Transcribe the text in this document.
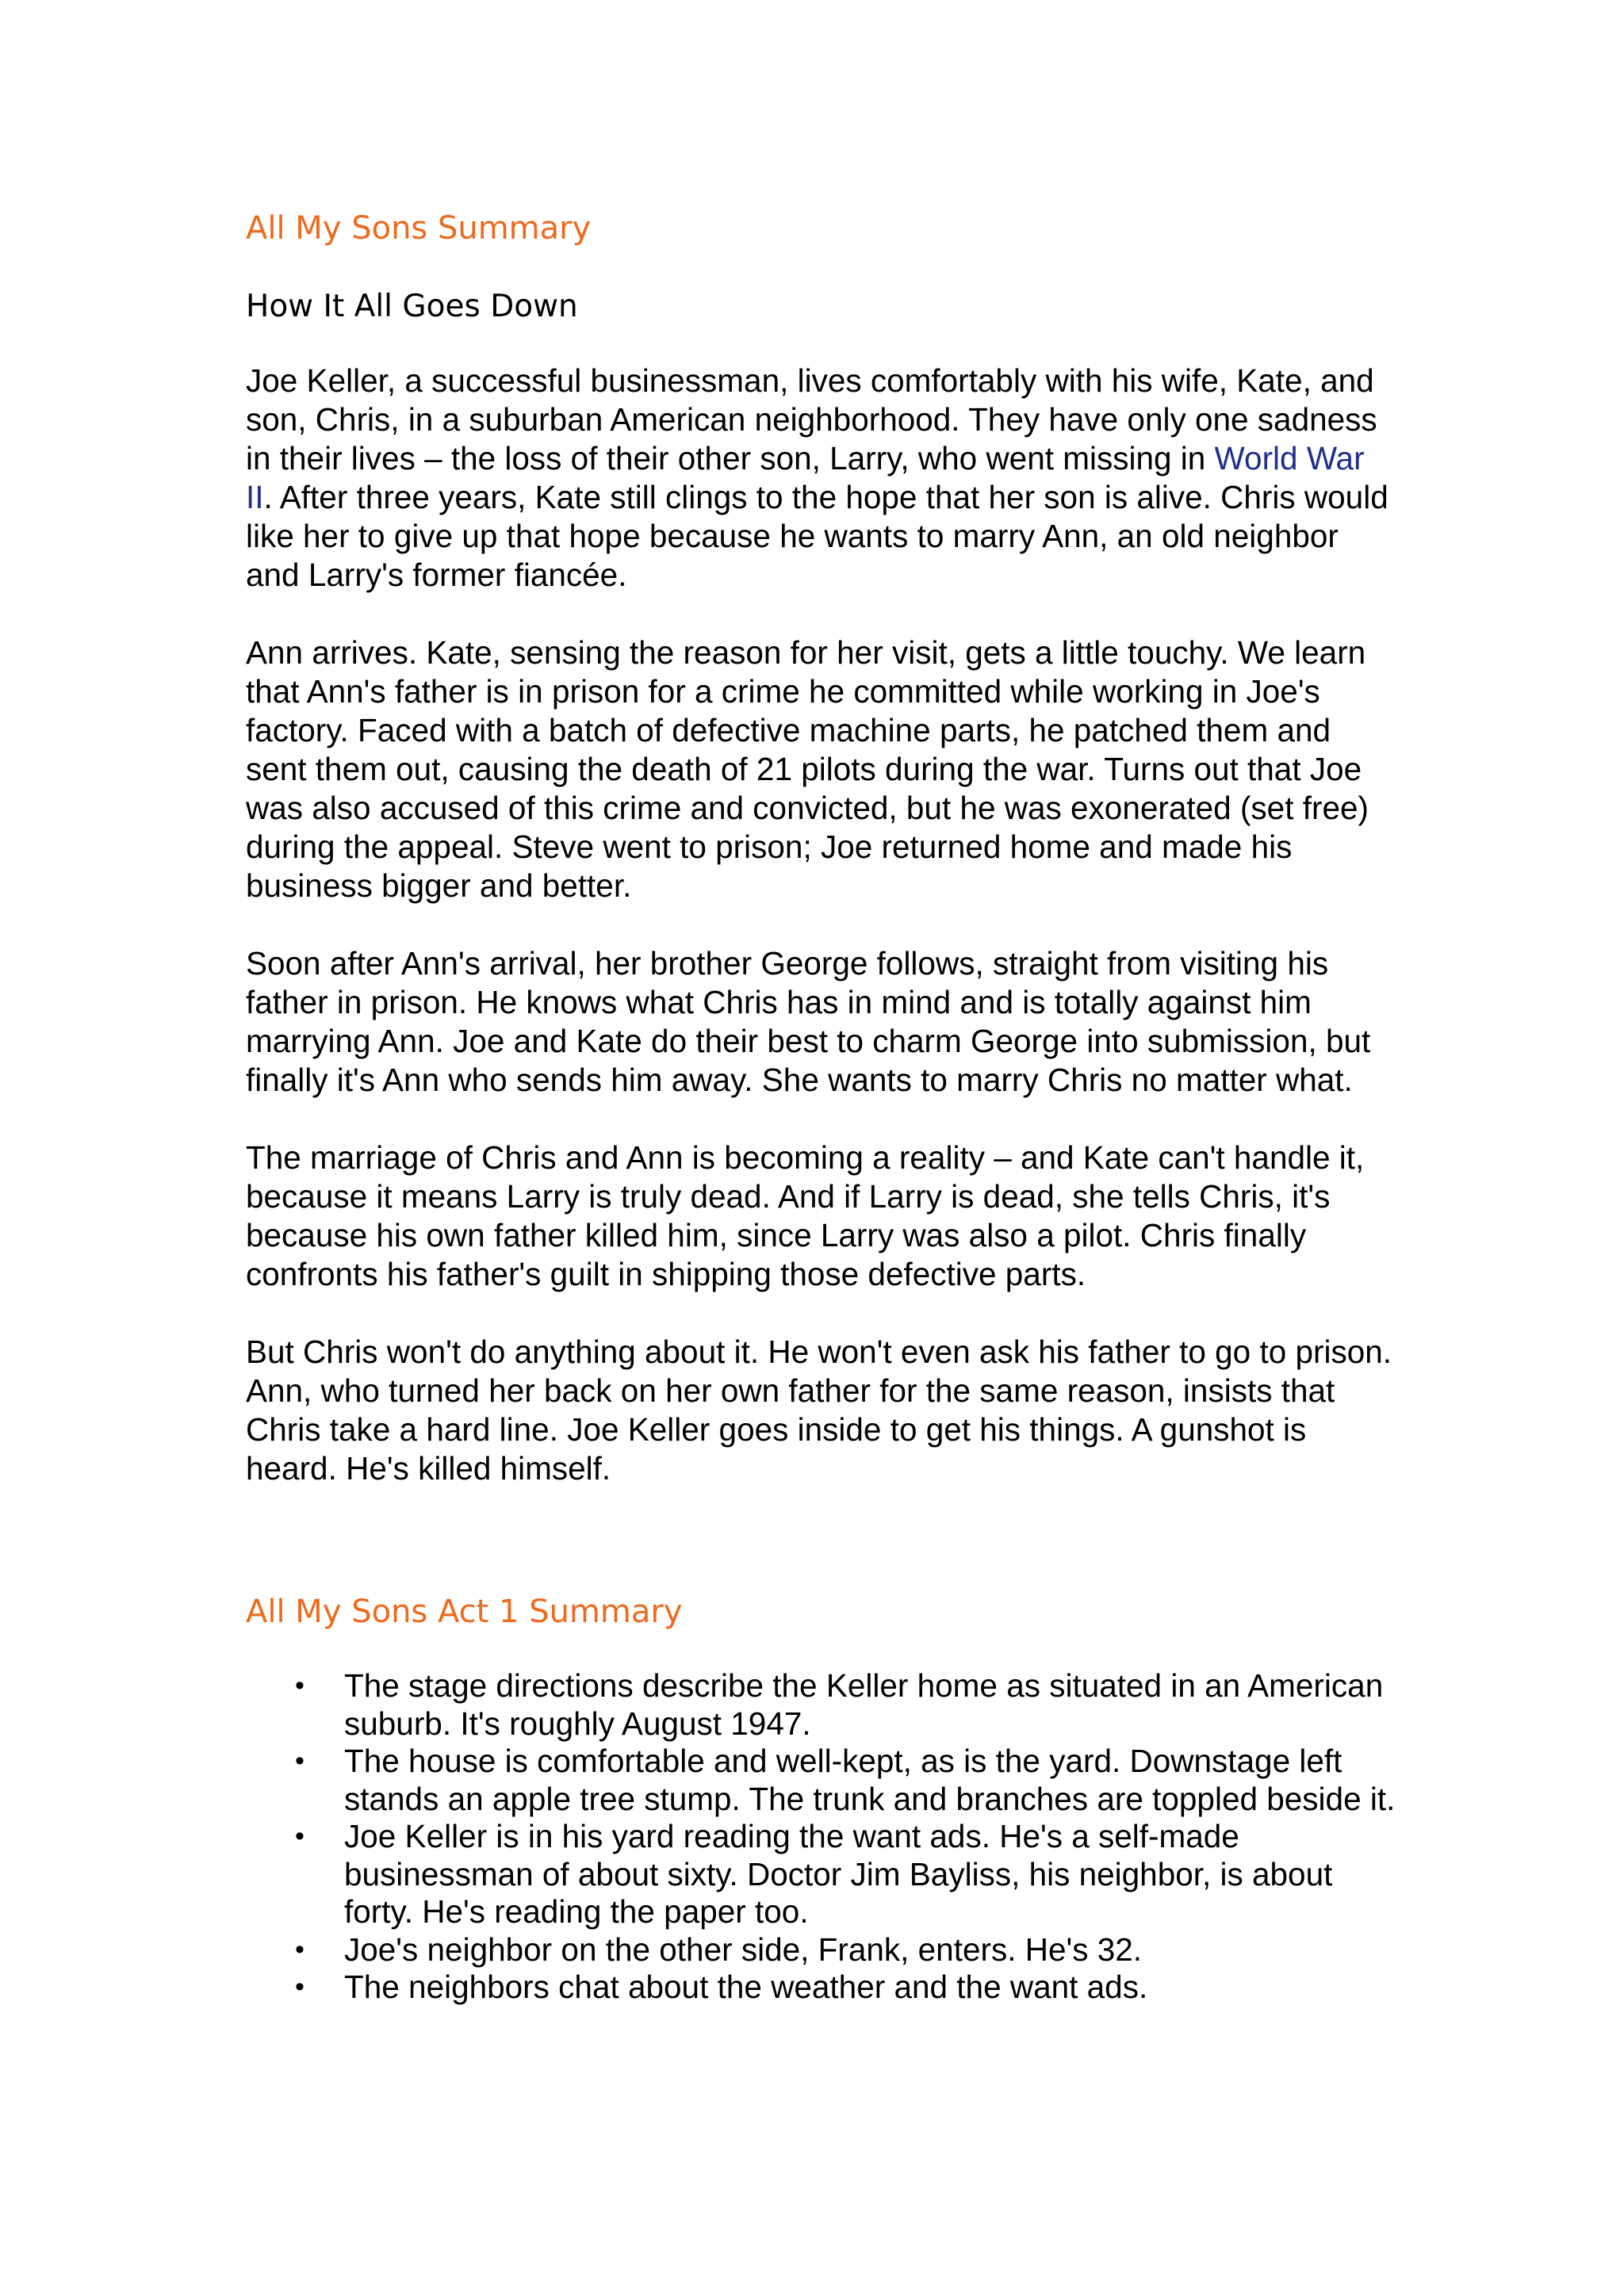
All My Sons Summary
How It All Goes Down

Joe Keller, a successful businessman, lives comfortably with his wife, Kate, and son, Chris, in a suburban American neighborhood. They have only one sadness in their lives – the loss of their other son, Larry, who went missing in World War II. After three years, Kate still clings to the hope that her son is alive. Chris would like her to give up that hope because he wants to marry Ann, an old neighbor and Larry's former fiancée.

Ann arrives. Kate, sensing the reason for her visit, gets a little touchy. We learn that Ann's father is in prison for a crime he committed while working in Joe's factory. Faced with a batch of defective machine parts, he patched them and sent them out, causing the death of 21 pilots during the war. Turns out that Joe was also accused of this crime and convicted, but he was exonerated (set free) during the appeal. Steve went to prison; Joe returned home and made his business bigger and better.

Soon after Ann's arrival, her brother George follows, straight from visiting his father in prison. He knows what Chris has in mind and is totally against him marrying Ann. Joe and Kate do their best to charm George into submission, but finally it's Ann who sends him away. She wants to marry Chris no matter what.

The marriage of Chris and Ann is becoming a reality – and Kate can't handle it, because it means Larry is truly dead. And if Larry is dead, she tells Chris, it's because his own father killed him, since Larry was also a pilot. Chris finally confronts his father's guilt in shipping those defective parts.

But Chris won't do anything about it. He won't even ask his father to go to prison. Ann, who turned her back on her own father for the same reason, insists that Chris take a hard line. Joe Keller goes inside to get his things. A gunshot is heard. He's killed himself.

All My Sons Act 1 Summary
• The stage directions describe the Keller home as situated in an American suburb. It's roughly August 1947.
• The house is comfortable and well-kept, as is the yard. Downstage left stands an apple tree stump. The trunk and branches are toppled beside it.
• Joe Keller is in his yard reading the want ads. He's a self-made businessman of about sixty. Doctor Jim Bayliss, his neighbor, is about forty. He's reading the paper too.
• Joe's neighbor on the other side, Frank, enters. He's 32.
• The neighbors chat about the weather and the want ads.
